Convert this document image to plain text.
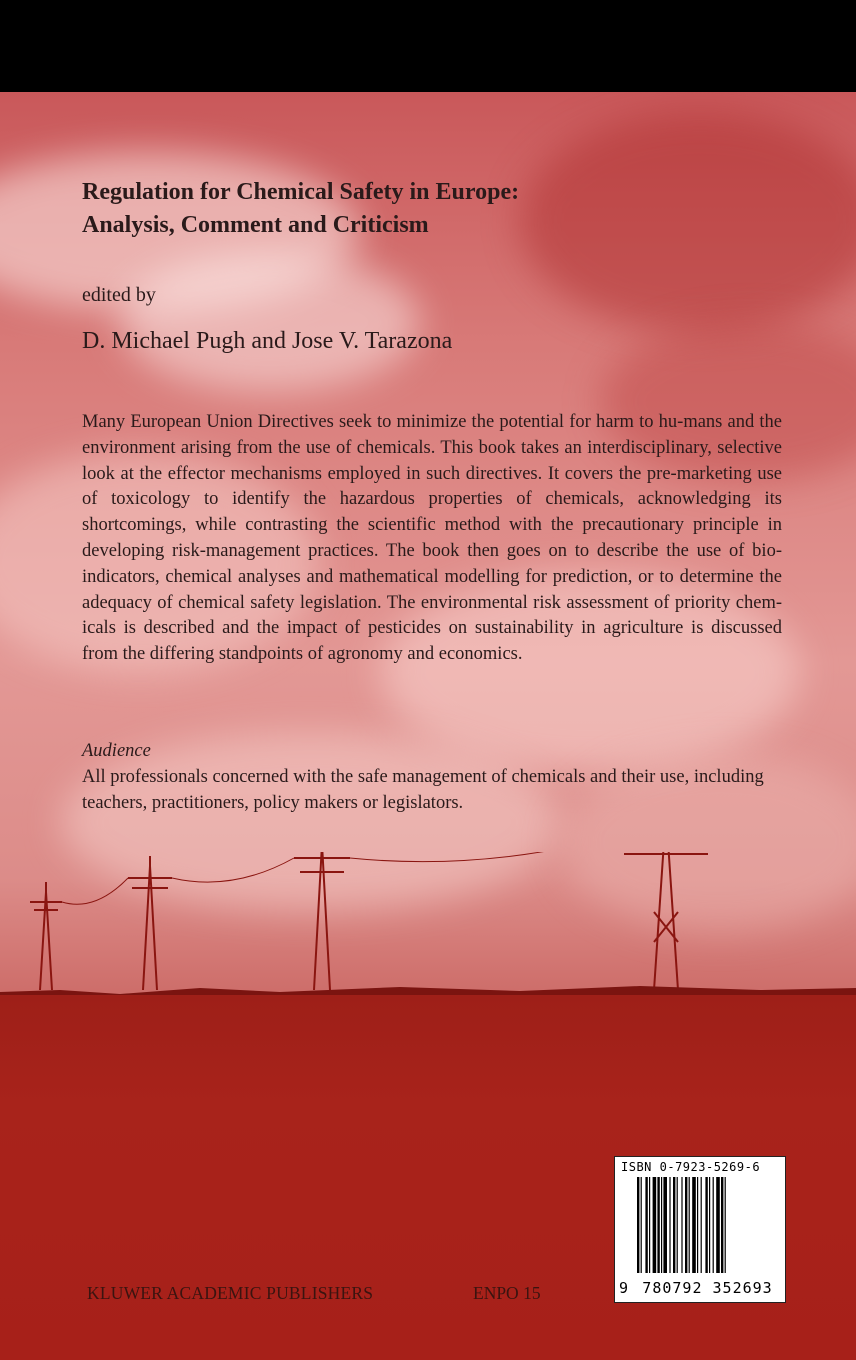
Regulation for Chemical Safety in Europe:
Analysis, Comment and Criticism

edited by

D. Michael Pugh and Jose V. Tarazona

Many European Union Directives seek to minimize the potential for harm to hu-mans and the environment arising from the use of chemicals. This book takes an interdisciplinary, selective look at the effector mechanisms employed in such directives. It covers the pre-marketing use of toxicology to identify the hazardous properties of chemicals, acknowledging its shortcomings, while contrasting the scientific method with the precautionary principle in developing risk-management practices. The book then goes on to describe the use of bio-indicators, chemical analyses and mathematical modelling for prediction, or to determine the adequacy of chemical safety legislation. The environmental risk assessment of priority chem-icals is described and the impact of pesticides on sustainability in agriculture is discussed from the differing standpoints of agronomy and economics.

Audience

All professionals concerned with the safe management of chemicals and their use, including teachers, practitioners, policy makers or legislators.

KLUWER ACADEMIC PUBLISHERS	ENPO 15

ISBN 0-7923-5269-6
9 780792 352693
